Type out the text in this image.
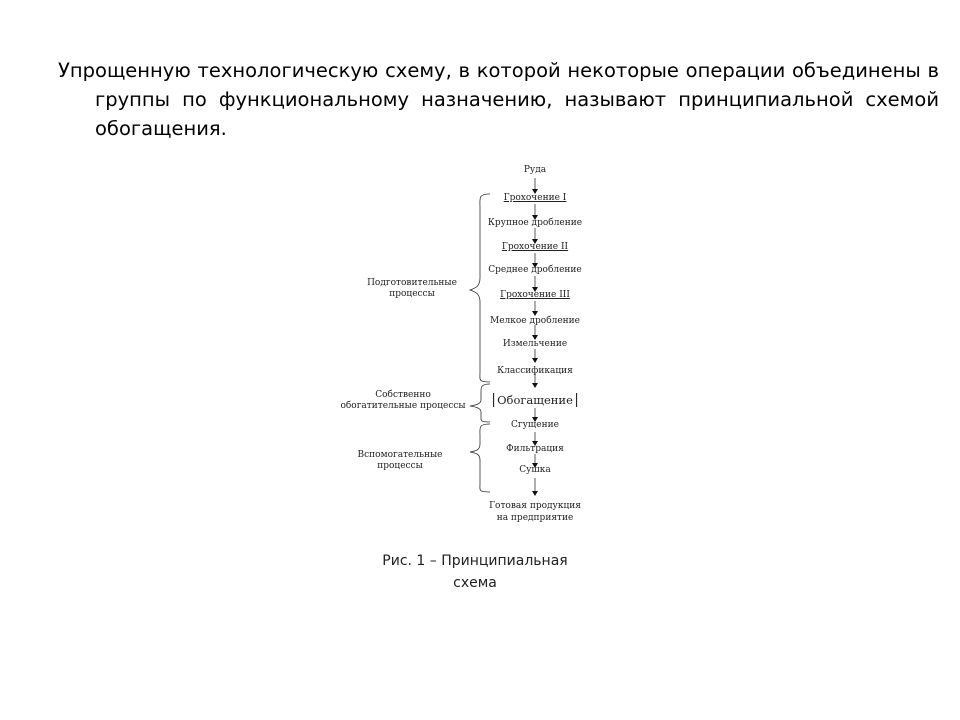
Упрощенную технологическую схему, в которой некоторые операции объединены в группы по функциональному назначению, называют принципиальной схемой обогащения.

Руда
Грохочение I
Крупное дробление
Грохочение II
Среднее дробление
Грохочение III
Мелкое дробление
Измельчение
Классификация
Обогащение
Сгущение
Фильтрация
Сушка
Готовая продукция
на предприятие
Подготовительные
процессы
Собственно
обогатительные процессы
Вспомогательные
процессы
Рис. 1 – Принципиальная
схема
